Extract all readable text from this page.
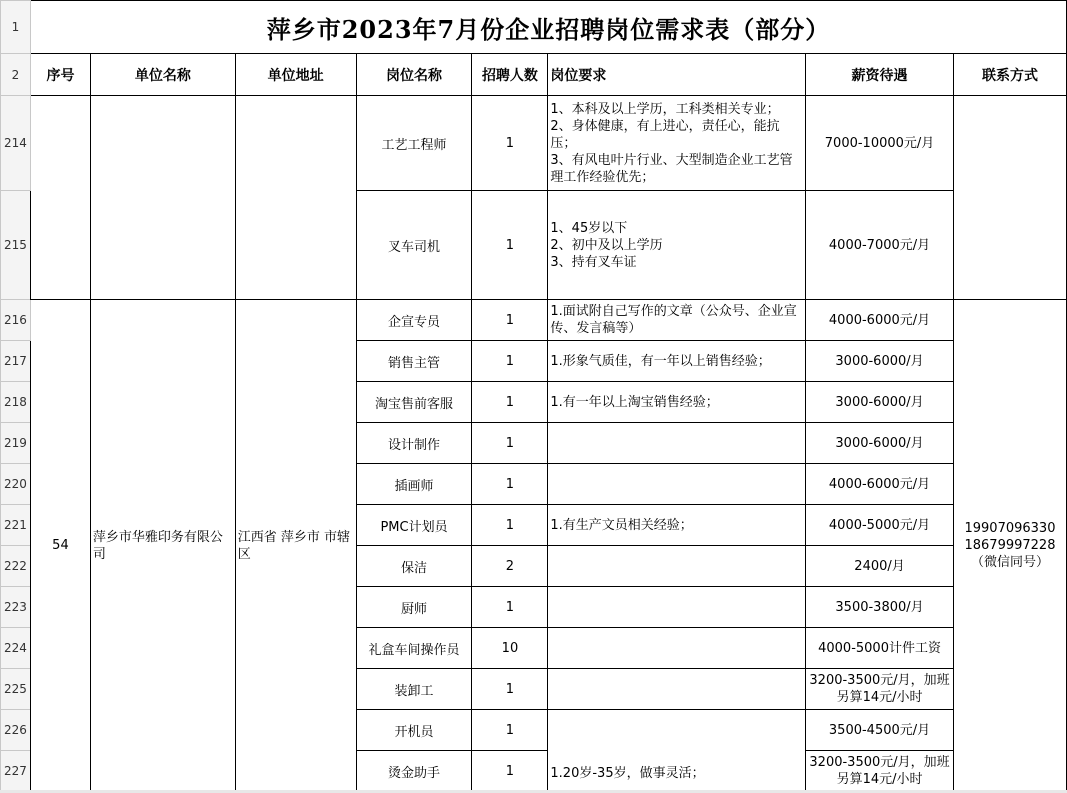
1	萍乡市2023年7月份企业招聘岗位需求表（部分）							
2	序号	单位名称	单位地址	岗位名称	招聘人数	岗位要求	薪资待遇	联系方式
214				工艺工程师	1	1、本科及以上学历，工科类相关专业；
2、身体健康，有上进心，责任心，能抗压；
3、有风电叶片行业、大型制造企业工艺管理工作经验优先；	7000-10000元/月	
215				叉车司机	1	1、45岁以下
2、初中及以上学历
3、持有叉车证	4000-7000元/月	
216	54	萍乡市华雅印务有限公司	江西省 萍乡市 市辖区	企宣专员	1	1.面试附自己写作的文章（公众号、企业宣传、发言稿等）	4000-6000元/月	19907096330
18679997228
（微信同号）
217				销售主管	1	1.形象气质佳，有一年以上销售经验；	3000-6000/月	
218				淘宝售前客服	1	1.有一年以上淘宝销售经验；	3000-6000/月	
219				设计制作	1		3000-6000/月	
220				插画师	1		4000-6000元/月	
221				PMC计划员	1	1.有生产文员相关经验；	4000-5000元/月	
222				保洁	2		2400/月	
223				厨师	1		3500-3800/月	
224				礼盒车间操作员	10		4000-5000计件工资	
225				装卸工	1		3200-3500元/月，加班另算14元/小时	
226				开机员	1	1.20岁-35岁，做事灵活；	3500-4500元/月	
227				烫金助手	1		3200-3500元/月，加班另算14元/小时	
